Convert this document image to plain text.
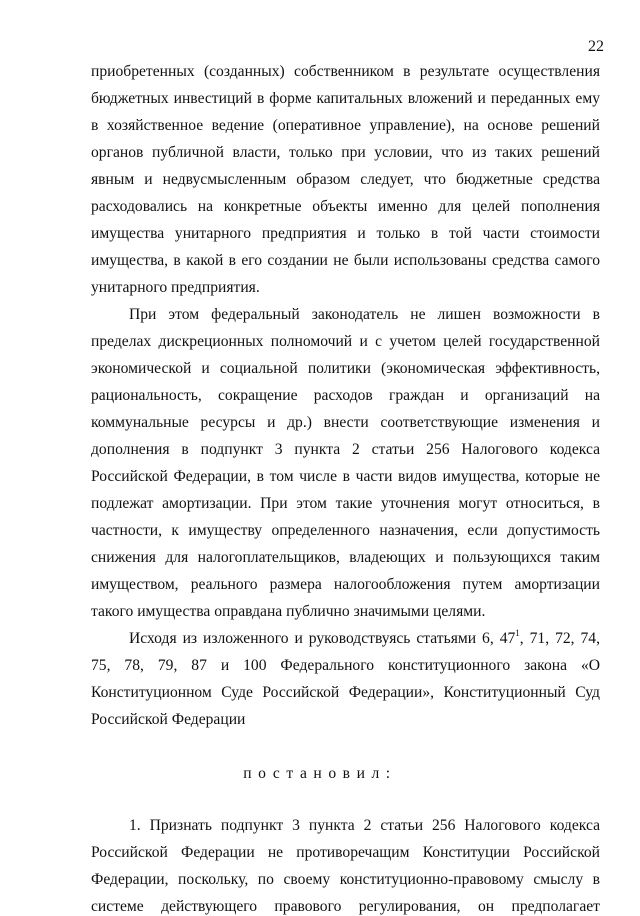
22
приобретенных (созданных) собственником в результате осуществления
бюджетных инвестиций в форме капитальных вложений и переданных ему
в хозяйственное ведение (оперативное управление), на основе решений
органов публичной власти, только при условии, что из таких решений
явным и недвусмысленным образом следует, что бюджетные средства
расходовались на конкретные объекты именно для целей пополнения
имущества унитарного предприятия и только в той части стоимости
имущества, в какой в его создании не были использованы средства самого
унитарного предприятия.
При этом федеральный законодатель не лишен возможности в
пределах дискреционных полномочий и с учетом целей государственной
экономической и социальной политики (экономическая эффективность,
рациональность, сокращение расходов граждан и организаций на
коммунальные ресурсы и др.) внести соответствующие изменения и
дополнения в подпункт 3 пункта 2 статьи 256 Налогового кодекса
Российской Федерации, в том числе в части видов имущества, которые не
подлежат амортизации. При этом такие уточнения могут относиться, в
частности, к имуществу определенного назначения, если допустимость
снижения для налогоплательщиков, владеющих и пользующихся таким
имуществом, реального размера налогообложения путем амортизации
такого имущества оправдана публично значимыми целями.
Исходя из изложенного и руководствуясь статьями 6, $47^1$, 71, 72, 74,
75, 78, 79, 87 и 100 Федерального конституционного закона «О
Конституционном Суде Российской Федерации», Конституционный Суд
Российской Федерации
постановил:
1. Признать подпункт 3 пункта 2 статьи 256 Налогового кодекса
Российской Федерации не противоречащим Конституции Российской
Федерации, поскольку, по своему конституционно-правовому смыслу в
системе действующего правового регулирования, он предполагает
